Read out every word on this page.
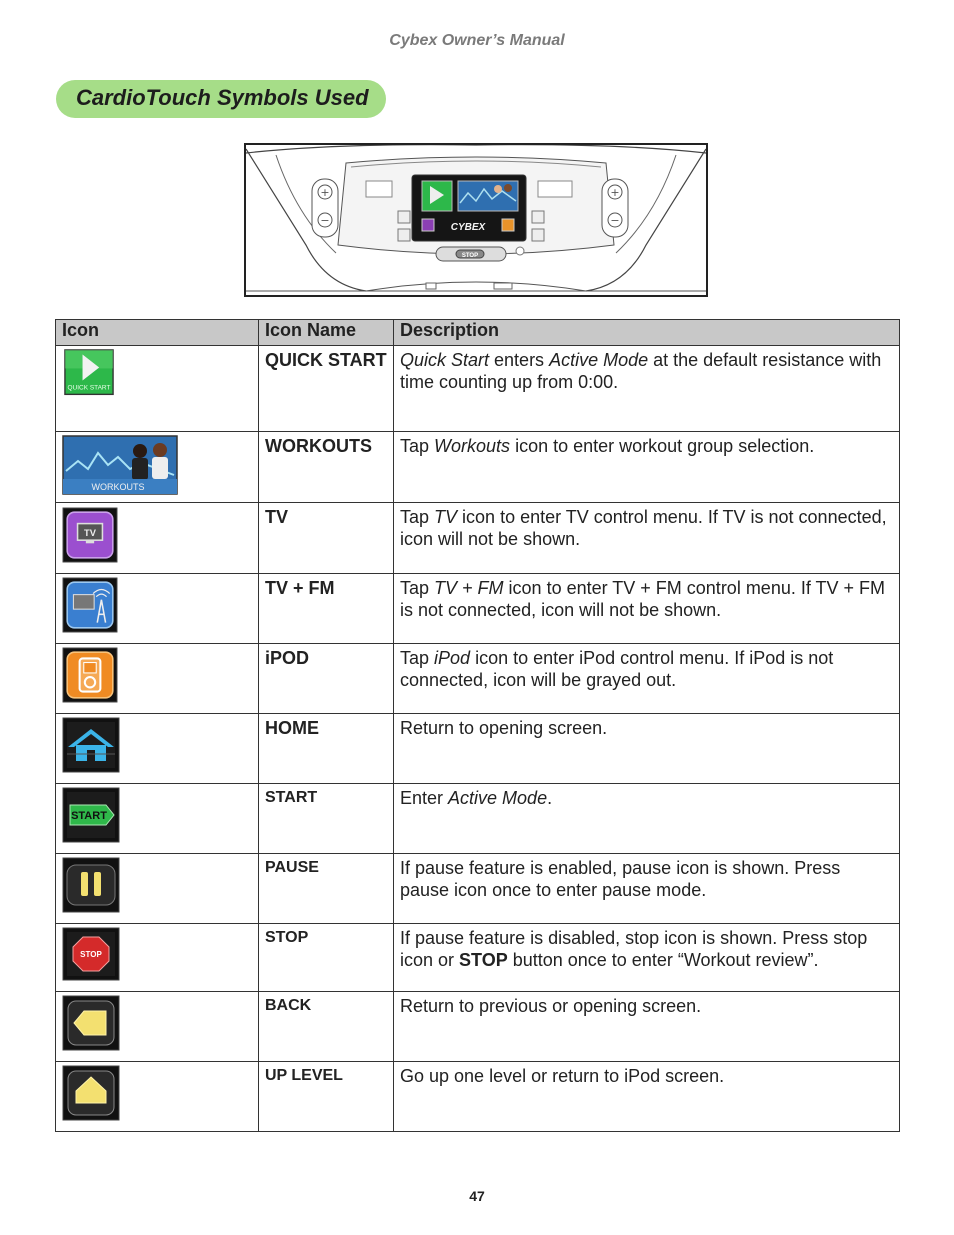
Cybex Owner’s Manual
CardioTouch Symbols Used
+
−
+
−
CYBEX
STOP
Icon	Icon Name	Description

QUICK START	QUICK START	Quick Start enters Active Mode at the default resistance with time counting up from 0:00.

WORKOUTS	WORKOUTS	Tap Workouts icon to enter workout group selection.

TV	TV	Tap TV icon to enter TV control menu. If TV is not connected, icon will not be shown.

	TV + FM	Tap TV + FM icon to enter TV + FM control menu. If TV + FM is not connected, icon will not be shown.

	iPOD	Tap iPod icon to enter iPod control menu. If iPod is not connected, icon will be grayed out.

	HOME	Return to opening screen.

START	START	Enter Active Mode.

	PAUSE	If pause feature is enabled, pause icon is shown. Press pause icon once to enter pause mode.

STOP	STOP	If pause feature is disabled, stop icon is shown. Press stop icon or STOP button once to enter “Workout review”.

	BACK	Return to previous or opening screen.

	UP LEVEL	Go up one level or return to iPod screen.
47
